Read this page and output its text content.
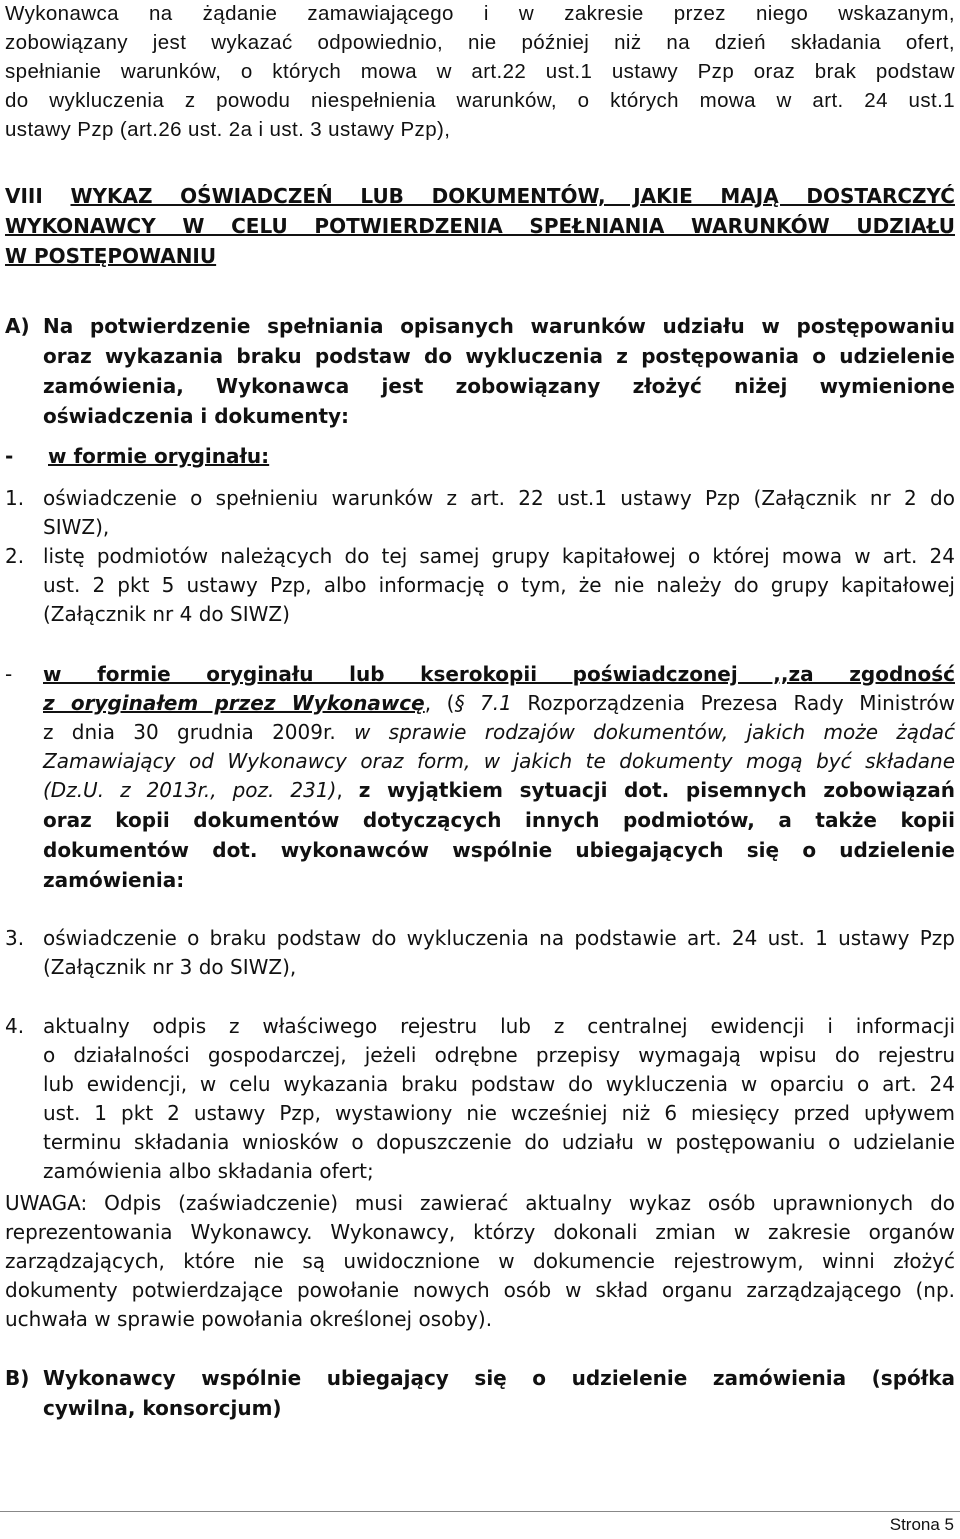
Wykonawca na żądanie zamawiającego i w zakresie przez niego wskazanym,
zobowiązany jest wykazać odpowiednio, nie później niż na dzień składania ofert,
spełnianie warunków, o których mowa w art.22 ust.1 ustawy Pzp oraz brak podstaw
do wykluczenia z powodu niespełnienia warunków, o których mowa w art. 24 ust.1
ustawy Pzp (art.26 ust. 2a i ust. 3 ustawy Pzp),
VIII WYKAZ OŚWIADCZEŃ LUB DOKUMENTÓW, JAKIE MAJĄ DOSTARCZYĆ
WYKONAWCY W CELU POTWIERDZENIA SPEŁNIANIA WARUNKÓW UDZIAŁU
W POSTĘPOWANIU
A) Na potwierdzenie spełniania opisanych warunków udziału w postępowaniu
oraz wykazania braku podstaw do wykluczenia z postępowania o udzielenie
zamówienia, Wykonawca jest zobowiązany złożyć niżej wymienione
oświadczenia i dokumenty:
- w formie oryginału:
1. oświadczenie o spełnieniu warunków z art. 22 ust.1 ustawy Pzp (Załącznik nr 2 do
SIWZ),
2. listę podmiotów należących do tej samej grupy kapitałowej o której mowa w art. 24
ust. 2 pkt 5 ustawy Pzp, albo informację o tym, że nie należy do grupy kapitałowej
(Załącznik nr 4 do SIWZ)
- w formie oryginału lub kserokopii poświadczonej ,,za zgodność
z oryginałem przez Wykonawcę, (§ 7.1 Rozporządzenia Prezesa Rady Ministrów
z dnia 30 grudnia 2009r. w sprawie rodzajów dokumentów, jakich może żądać
Zamawiający od Wykonawcy oraz form, w jakich te dokumenty mogą być składane
(Dz.U. z 2013r., poz. 231), z wyjątkiem sytuacji dot. pisemnych zobowiązań
oraz kopii dokumentów dotyczących innych podmiotów, a także kopii
dokumentów dot. wykonawców wspólnie ubiegających się o udzielenie
zamówienia:
3. oświadczenie o braku podstaw do wykluczenia na podstawie art. 24 ust. 1 ustawy Pzp
(Załącznik nr 3 do SIWZ),
4. aktualny odpis z właściwego rejestru lub z centralnej ewidencji i informacji
o działalności gospodarczej, jeżeli odrębne przepisy wymagają wpisu do rejestru
lub ewidencji, w celu wykazania braku podstaw do wykluczenia w oparciu o art. 24
ust. 1 pkt 2 ustawy Pzp, wystawiony nie wcześniej niż 6 miesięcy przed upływem
terminu składania wniosków o dopuszczenie do udziału w postępowaniu o udzielanie
zamówienia albo składania ofert;
UWAGA: Odpis (zaświadczenie) musi zawierać aktualny wykaz osób uprawnionych do
reprezentowania Wykonawcy. Wykonawcy, którzy dokonali zmian w zakresie organów
zarządzających, które nie są uwidocznione w dokumencie rejestrowym, winni złożyć
dokumenty potwierdzające powołanie nowych osób w skład organu zarządzającego (np.
uchwała w sprawie powołania określonej osoby).
B) Wykonawcy wspólnie ubiegający się o udzielenie zamówienia (spółka
cywilna, konsorcjum)
Strona 5
